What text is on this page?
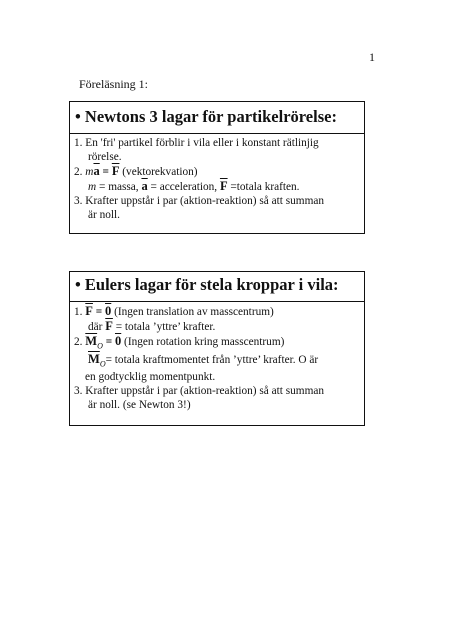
1
Föreläsning 1:
• Newtons 3 lagar för partikelrörelse:
1. En 'fri' partikel förblir i vila eller i konstant rätlinjig
rörelse.
2. $m\overline{a} = \overline{F}$ (vektorekvation)
m = massa, $\overline{a}$ = acceleration, $\overline{F}$ =totala kraften.
3. Krafter uppstår i par (aktion-reaktion) så att summan
är noll.
• Eulers lagar för stela kroppar i vila:
1. $\overline{F} = 0$ (Ingen translation av masscentrum)
där $\overline{F}$ = totala ’yttre’ krafter.
2. $\overline{M}_O = 0$ (Ingen rotation kring masscentrum)
$\overline{M}_O=$ totala kraftmomentet från ’yttre’ krafter. O är
en godtycklig momentpunkt.
3. Krafter uppstår i par (aktion-reaktion) så att summan
är noll. (se Newton 3!)
